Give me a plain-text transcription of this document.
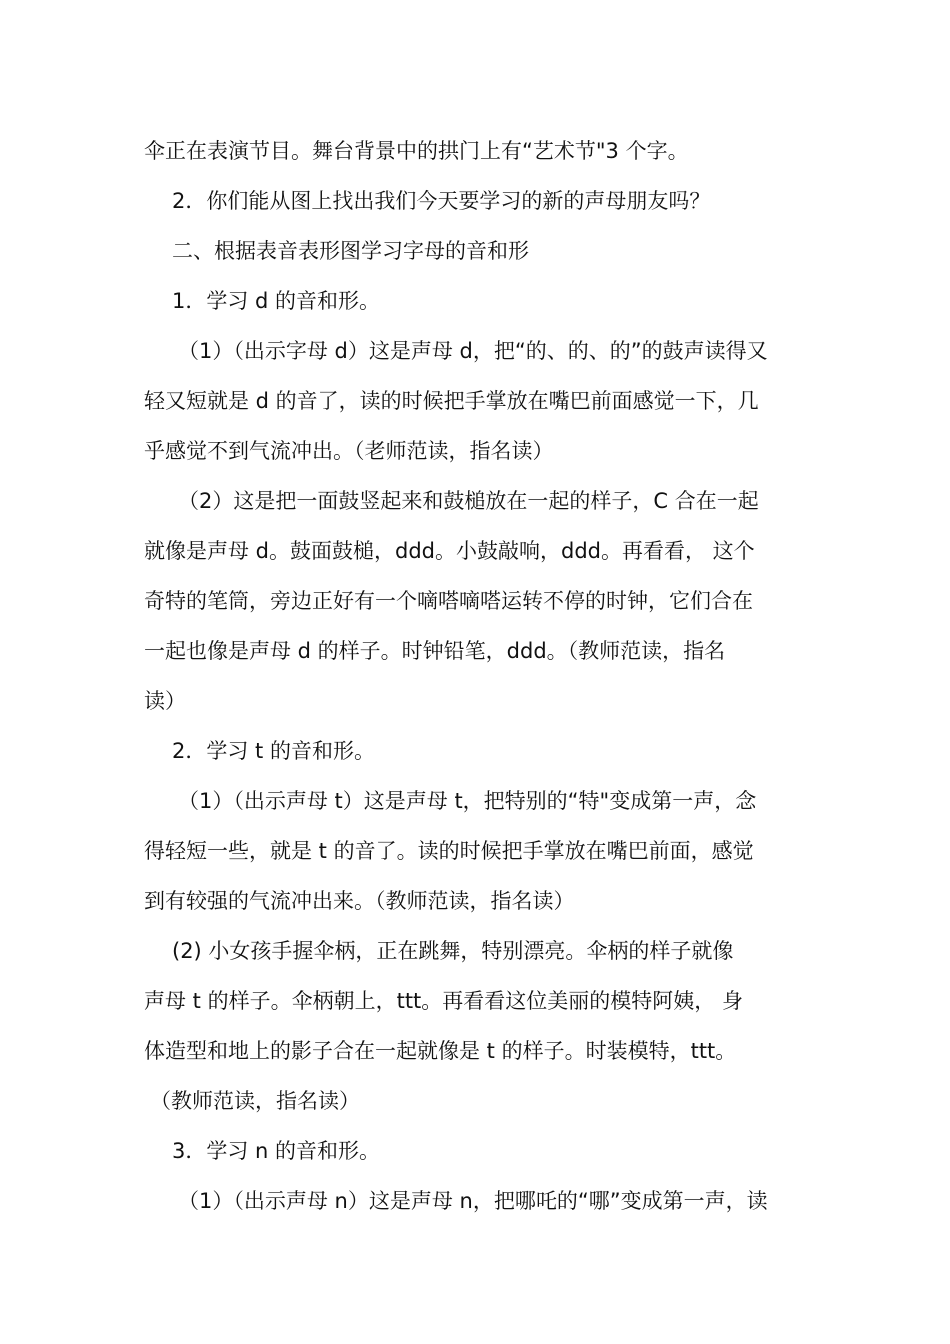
伞正在表演节目。舞台背景中的拱门上有“艺术节"3 个字。
2．你们能从图上找出我们今天要学习的新的声母朋友吗？
二、根据表音表形图学习字母的音和形
1．学习 d 的音和形。
（1）（出示字母 d）这是声母 d，把“的、的、的”的鼓声读得又
轻又短就是 d 的音了，读的时候把手掌放在嘴巴前面感觉一下，几
乎感觉不到气流冲出。（老师范读，指名读）
（2）这是把一面鼓竖起来和鼓槌放在一起的样子，C 合在一起
就像是声母 d。鼓面鼓槌，ddd。小鼓敲响，ddd。再看看， 这个
奇特的笔筒，旁边正好有一个嘀嗒嘀嗒运转不停的时钟，它们合在
一起也像是声母 d 的样子。时钟铅笔，ddd。（教师范读，指名
读）
2．学习 t 的音和形。
（1）（出示声母 t）这是声母 t，把特别的“特"变成第一声，念
得轻短一些，就是 t 的音了。读的时候把手掌放在嘴巴前面，感觉
到有较强的气流冲出来。（教师范读，指名读）
(2) 小女孩手握伞柄，正在跳舞，特别漂亮。伞柄的样子就像
声母 t 的样子。伞柄朝上，ttt。再看看这位美丽的模特阿姨， 身
体造型和地上的影子合在一起就像是 t 的样子。时装模特，ttt。
（教师范读，指名读）
3．学习 n 的音和形。
（1）（出示声母 n）这是声母 n，把哪吒的“哪”变成第一声，读
